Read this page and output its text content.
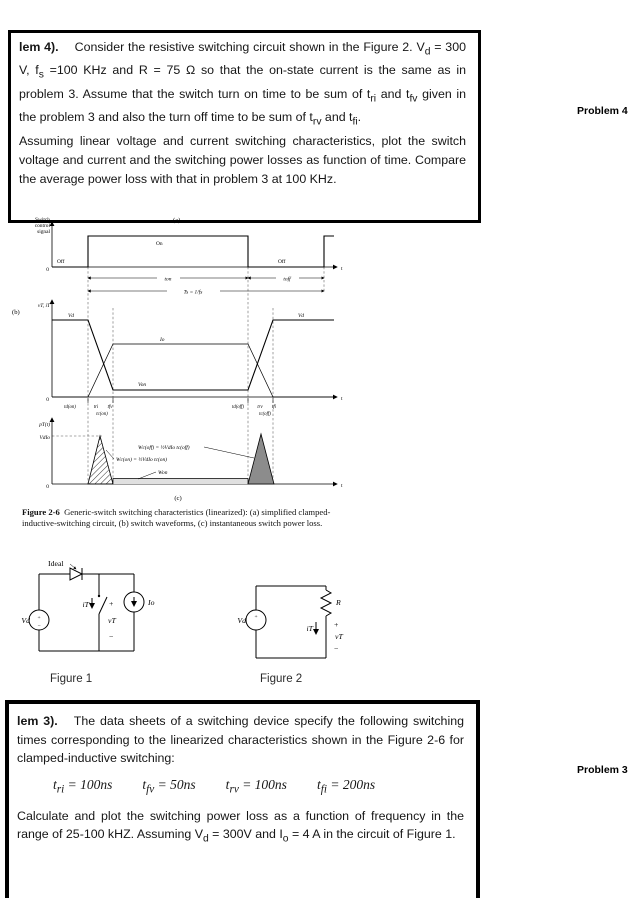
lem 4). Consider the resistive switching circuit shown in the Figure 2. $V_d = 300$ V, $f_s =100$ KHz and R = 75 Ω so that the on-state current is the same as in problem 3. Assume that the switch turn on time to be sum of $t_{ri}$ and $t_{fv}$ given in the problem 3 and also the turn off time to be sum of $t_{rv}$ and $t_{fi}$.

Assuming linear voltage and current switching characteristics, plot the switch voltage and current and the switching power losses as function of time. Compare the average power loss with that in problem 3 at 100 KHz.

Problem 4
Switch
control
signal
(a)
t
0
Off
On
Off
ton	toff
Ts = 1/fs
(b)
vT, iT
t
0
Vd	Vd
Io
Von
td(on)	tri tfv
tc(on)
td(off)	trv tfi
tc(off)
pT(t)
VdIo
t
0
Wc(off) = ½VdIo tc(off)
Wc(on) = ½VdIo tc(on)
Won
(c)
Figure 2-6 Generic-switch switching characteristics (linearized): (a) simplified clamped-
inductive-switching circuit, (b) switch waveforms, (c) instantaneous switch power loss.
Ideal
Io
Vd +
−
iT	+
vT
−
Vd +
R
iT	+
vT
−
Figure 1	Figure 2

lem 3). The data sheets of a switching device specify the following switching times corresponding to the linearized characteristics shown in the Figure 2-6 for clamped-inductive switching:

$t_{ri} = 100ns$ $t_{fv} = 50ns$ $t_{rv} = 100ns$ $t_{fi} = 200ns$

Calculate and plot the switching power loss as a function of frequency in the range of 25-100 kHZ. Assuming $V_d = 300V$ and $I_o = 4$ A in the circuit of Figure 1.

Problem 3
